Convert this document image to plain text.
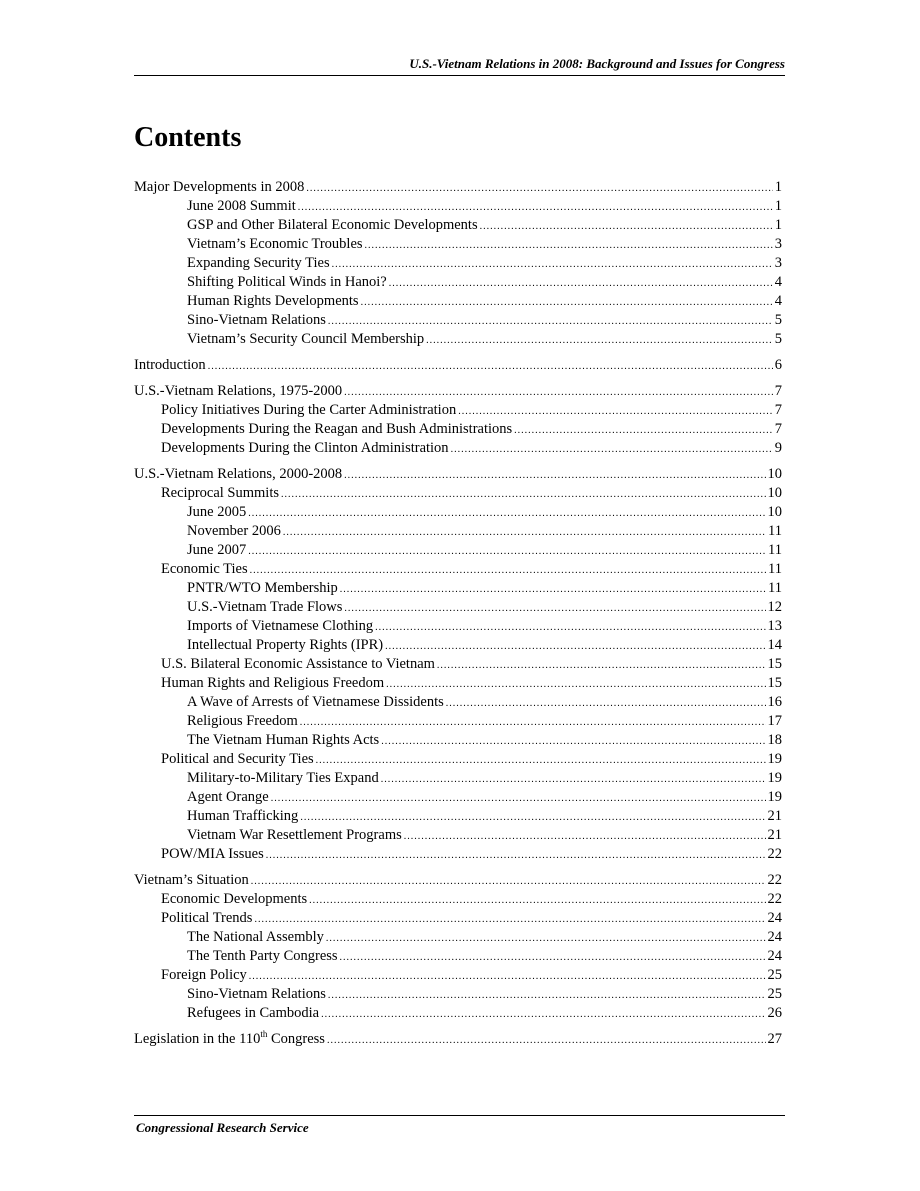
U.S.-Vietnam Relations in 2008: Background and Issues for Congress
Contents
Major Developments in 2008 .....	1
June 2008 Summit .....	1
GSP and Other Bilateral Economic Developments .....	1
Vietnam’s Economic Troubles .....	3
Expanding Security Ties .....	3
Shifting Political Winds in Hanoi? .....	4
Human Rights Developments .....	4
Sino-Vietnam Relations .....	5
Vietnam’s Security Council Membership .....	5
Introduction .....	6
U.S.-Vietnam Relations, 1975-2000 .....	7
Policy Initiatives During the Carter Administration .....	7
Developments During the Reagan and Bush Administrations .....	7
Developments During the Clinton Administration .....	9
U.S.-Vietnam Relations, 2000-2008 .....	10
Reciprocal Summits .....	10
June 2005 .....	10
November 2006 .....	11
June 2007 .....	11
Economic Ties .....	11
PNTR/WTO Membership .....	11
U.S.-Vietnam Trade Flows .....	12
Imports of Vietnamese Clothing .....	13
Intellectual Property Rights (IPR) .....	14
U.S. Bilateral Economic Assistance to Vietnam .....	15
Human Rights and Religious Freedom .....	15
A Wave of Arrests of Vietnamese Dissidents .....	16
Religious Freedom .....	17
The Vietnam Human Rights Acts .....	18
Political and Security Ties .....	19
Military-to-Military Ties Expand .....	19
Agent Orange .....	19
Human Trafficking .....	21
Vietnam War Resettlement Programs .....	21
POW/MIA Issues .....	22
Vietnam’s Situation .....	22
Economic Developments .....	22
Political Trends .....	24
The National Assembly .....	24
The Tenth Party Congress .....	24
Foreign Policy .....	25
Sino-Vietnam Relations .....	25
Refugees in Cambodia .....	26
Legislation in the 110th Congress .....	27
Congressional Research Service
